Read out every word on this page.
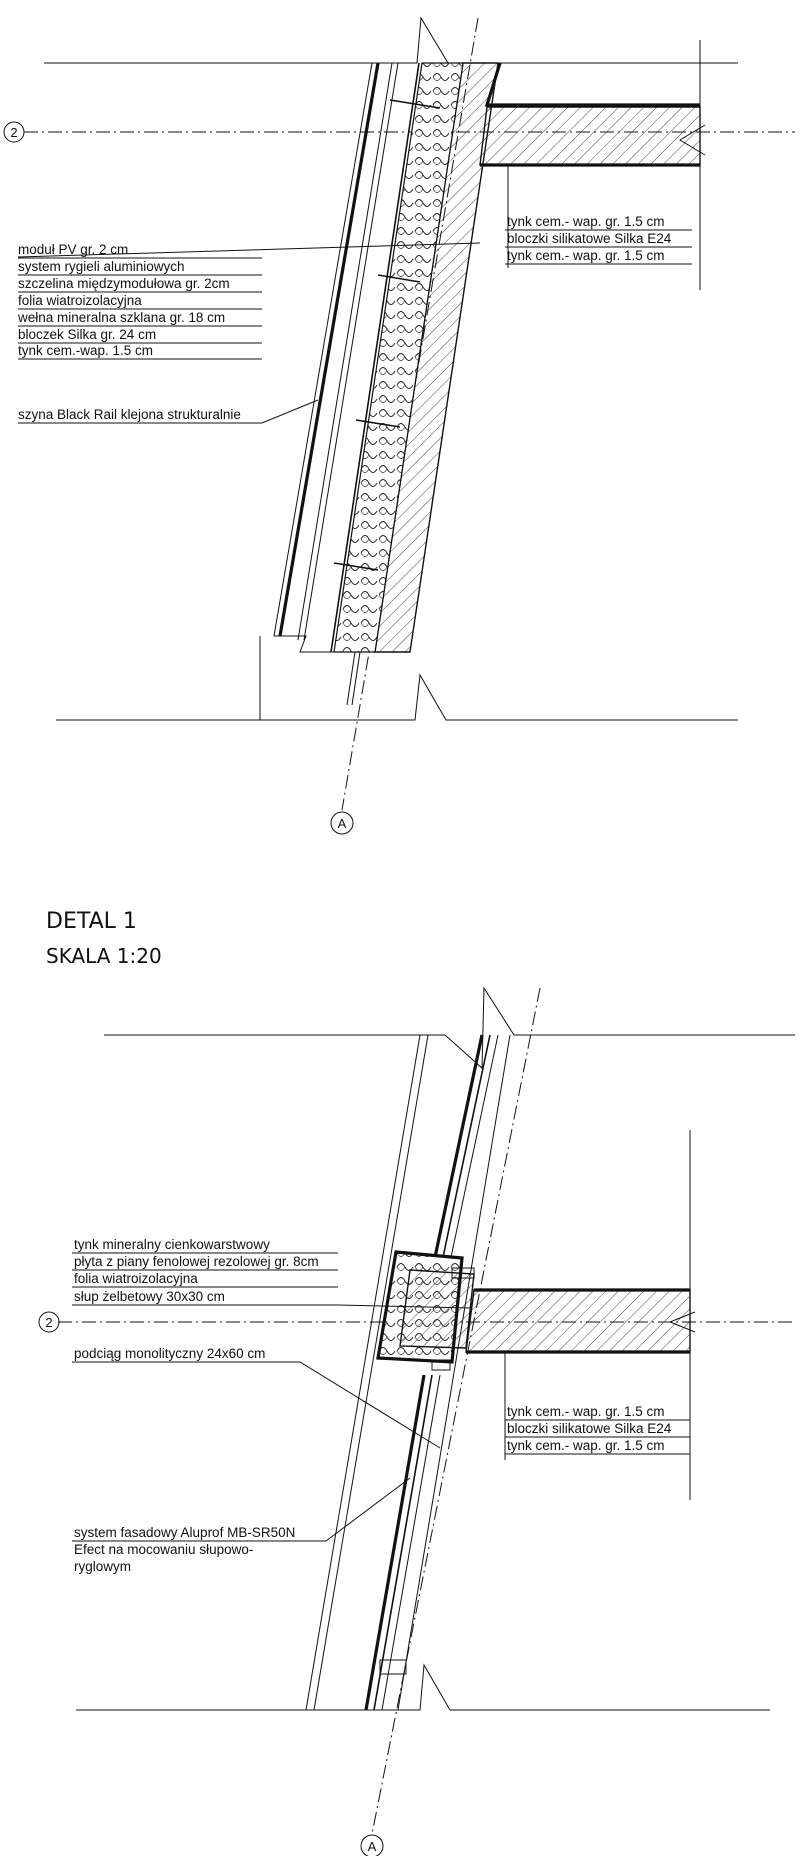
2
A
moduł PV gr. 2 cm
system rygieli aluminiowych
szczelina międzymodułowa gr. 2cm
folia wiatroizolacyjna
wełna mineralna szklana gr. 18 cm
bloczek Silka gr. 24 cm
tynk cem.-wap. 1.5 cm
szyna Black Rail klejona strukturalnie
tynk cem.- wap. gr. 1.5 cm
bloczki silikatowe Silka E24
tynk cem.- wap. gr. 1.5 cm
DETAL 1
SKALA 1:20
2
A
tynk mineralny cienkowarstwowy
płyta z piany fenolowej rezolowej gr. 8cm
folia wiatroizolacyjna
słup żelbetowy 30x30 cm
podciąg monolityczny 24x60 cm
system fasadowy Aluprof MB-SR50N
Efect na mocowaniu słupowo-
ryglowym
tynk cem.- wap. gr. 1.5 cm
bloczki silikatowe Silka E24
tynk cem.- wap. gr. 1.5 cm
